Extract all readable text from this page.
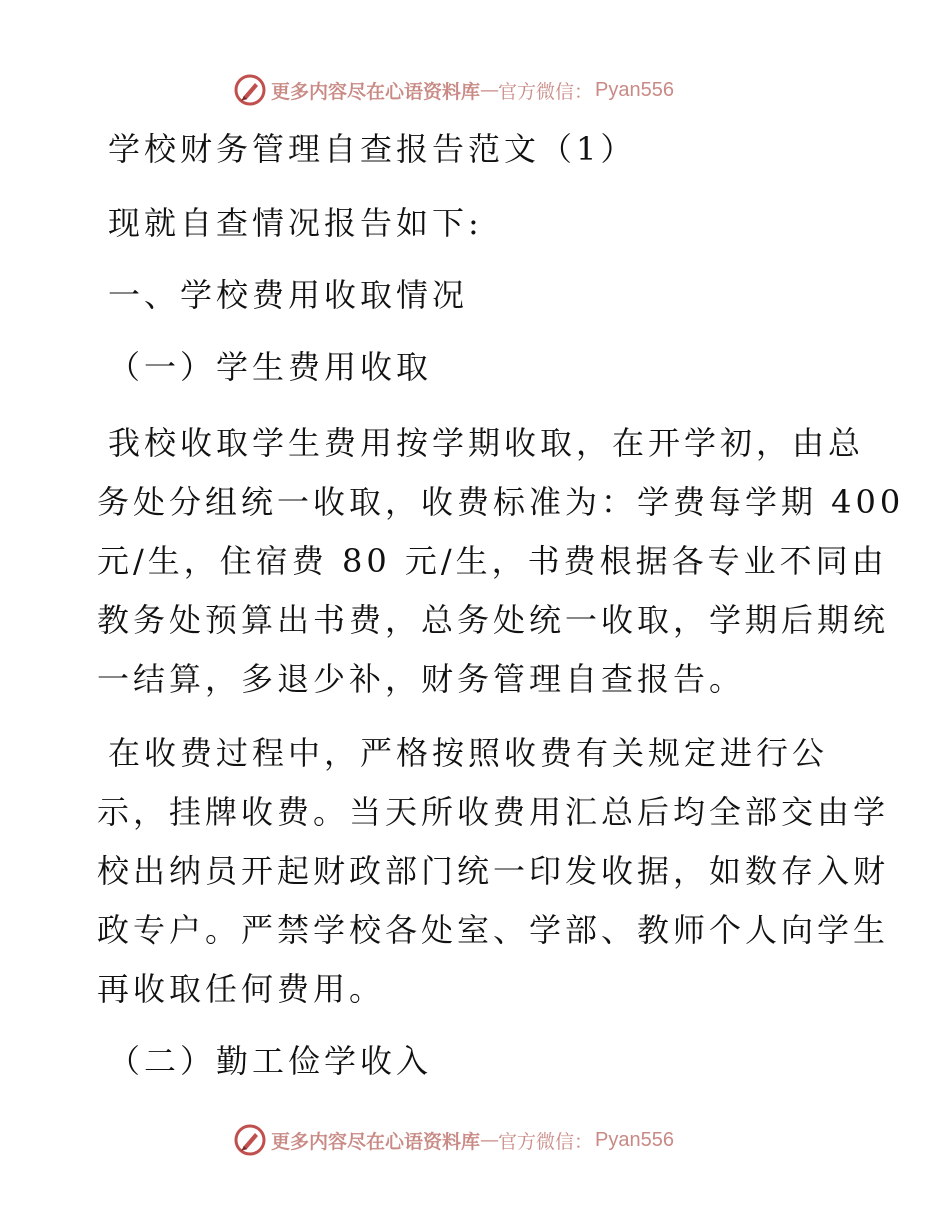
更多内容尽在心语资料库 — 官方微信： Pyan556
学校财务管理自查报告范文（1）
现就自查情况报告如下:
一、学校费用收取情况
（一）学生费用收取
我校收取学生费用按学期收取，在开学初，由总
务处分组统一收取，收费标准为：学费每学期 400
元/生，住宿费 80 元/生，书费根据各专业不同由
教务处预算出书费，总务处统一收取，学期后期统
一结算，多退少补，财务管理自查报告。
在收费过程中，严格按照收费有关规定进行公
示，挂牌收费。当天所收费用汇总后均全部交由学
校出纳员开起财政部门统一印发收据，如数存入财
政专户。严禁学校各处室、学部、教师个人向学生
再收取任何费用。
（二）勤工俭学收入
更多内容尽在心语资料库 — 官方微信： Pyan556
